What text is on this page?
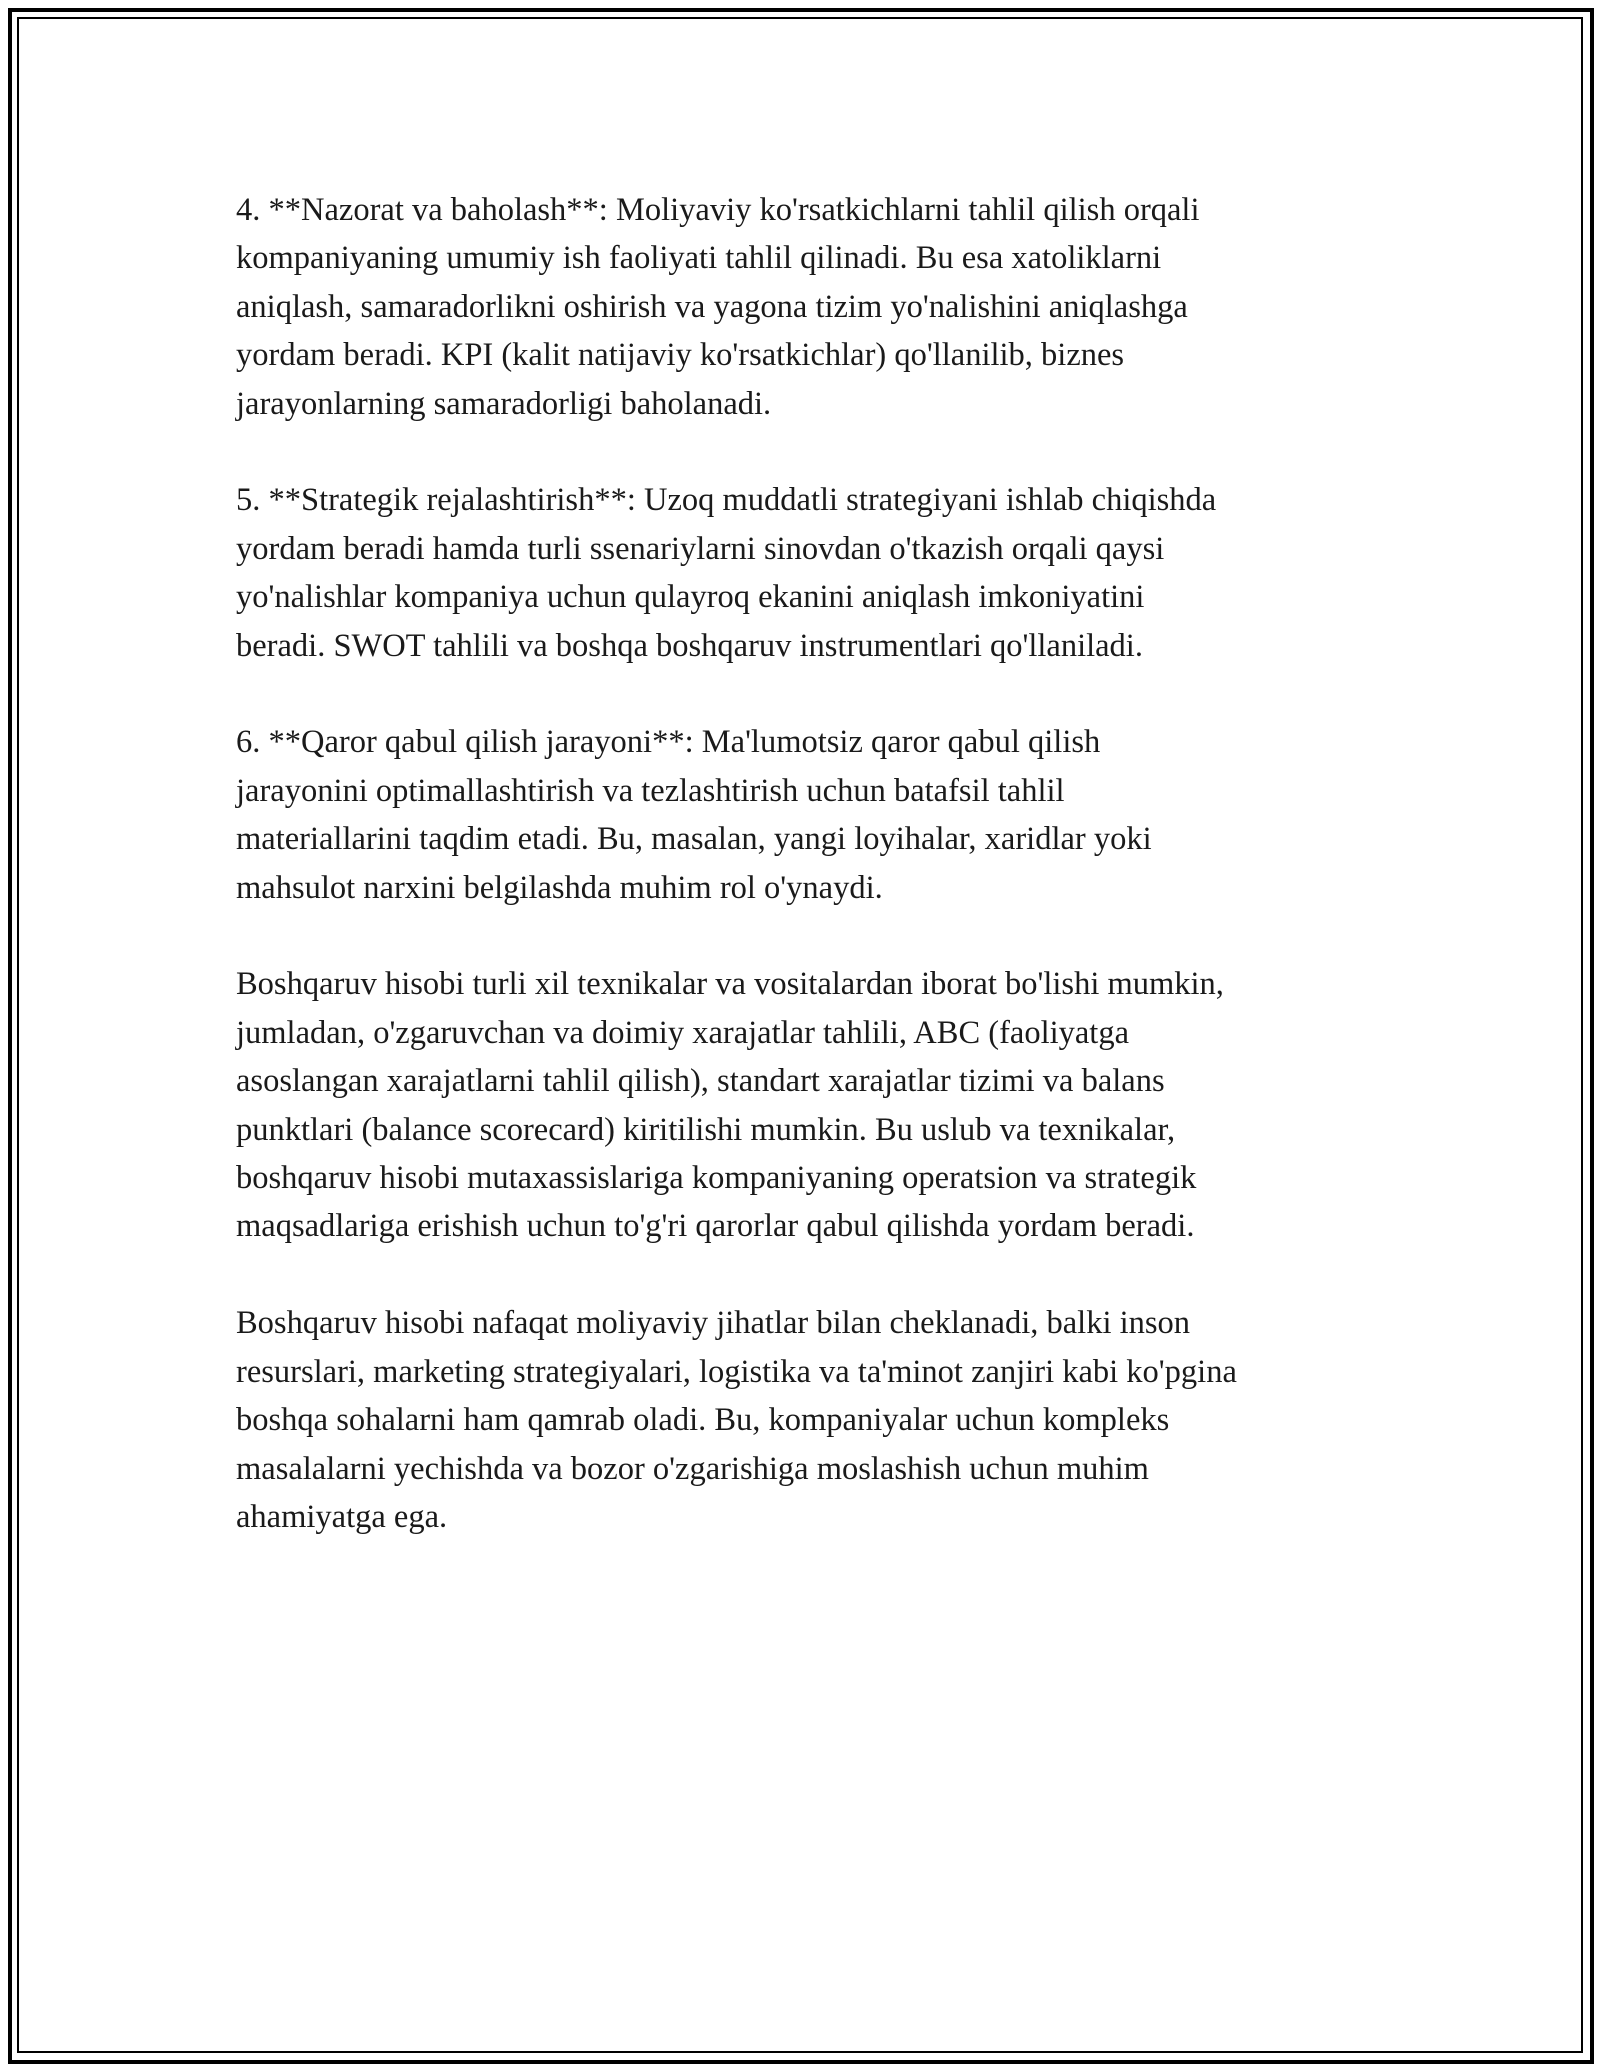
4. **Nazorat va baholash**: Moliyaviy ko'rsatkichlarni tahlil qilish orqali
kompaniyaning umumiy ish faoliyati tahlil qilinadi. Bu esa xatoliklarni
aniqlash, samaradorlikni oshirish va yagona tizim yo'nalishini aniqlashga
yordam beradi. KPI (kalit natijaviy ko'rsatkichlar) qo'llanilib, biznes
jarayonlarning samaradorligi baholanadi.

5. **Strategik rejalashtirish**: Uzoq muddatli strategiyani ishlab chiqishda
yordam beradi hamda turli ssenariylarni sinovdan o'tkazish orqali qaysi
yo'nalishlar kompaniya uchun qulayroq ekanini aniqlash imkoniyatini
beradi. SWOT tahlili va boshqa boshqaruv instrumentlari qo'llaniladi.

6. **Qaror qabul qilish jarayoni**: Ma'lumotsiz qaror qabul qilish
jarayonini optimallashtirish va tezlashtirish uchun batafsil tahlil
materiallarini taqdim etadi. Bu, masalan, yangi loyihalar, xaridlar yoki
mahsulot narxini belgilashda muhim rol o'ynaydi.

Boshqaruv hisobi turli xil texnikalar va vositalardan iborat bo'lishi mumkin,
jumladan, o'zgaruvchan va doimiy xarajatlar tahlili, ABC (faoliyatga
asoslangan xarajatlarni tahlil qilish), standart xarajatlar tizimi va balans
punktlari (balance scorecard) kiritilishi mumkin. Bu uslub va texnikalar,
boshqaruv hisobi mutaxassislariga kompaniyaning operatsion va strategik
maqsadlariga erishish uchun to'g'ri qarorlar qabul qilishda yordam beradi.

Boshqaruv hisobi nafaqat moliyaviy jihatlar bilan cheklanadi, balki inson
resurslari, marketing strategiyalari, logistika va ta'minot zanjiri kabi ko'pgina
boshqa sohalarni ham qamrab oladi. Bu, kompaniyalar uchun kompleks
masalalarni yechishda va bozor o'zgarishiga moslashish uchun muhim
ahamiyatga ega.
